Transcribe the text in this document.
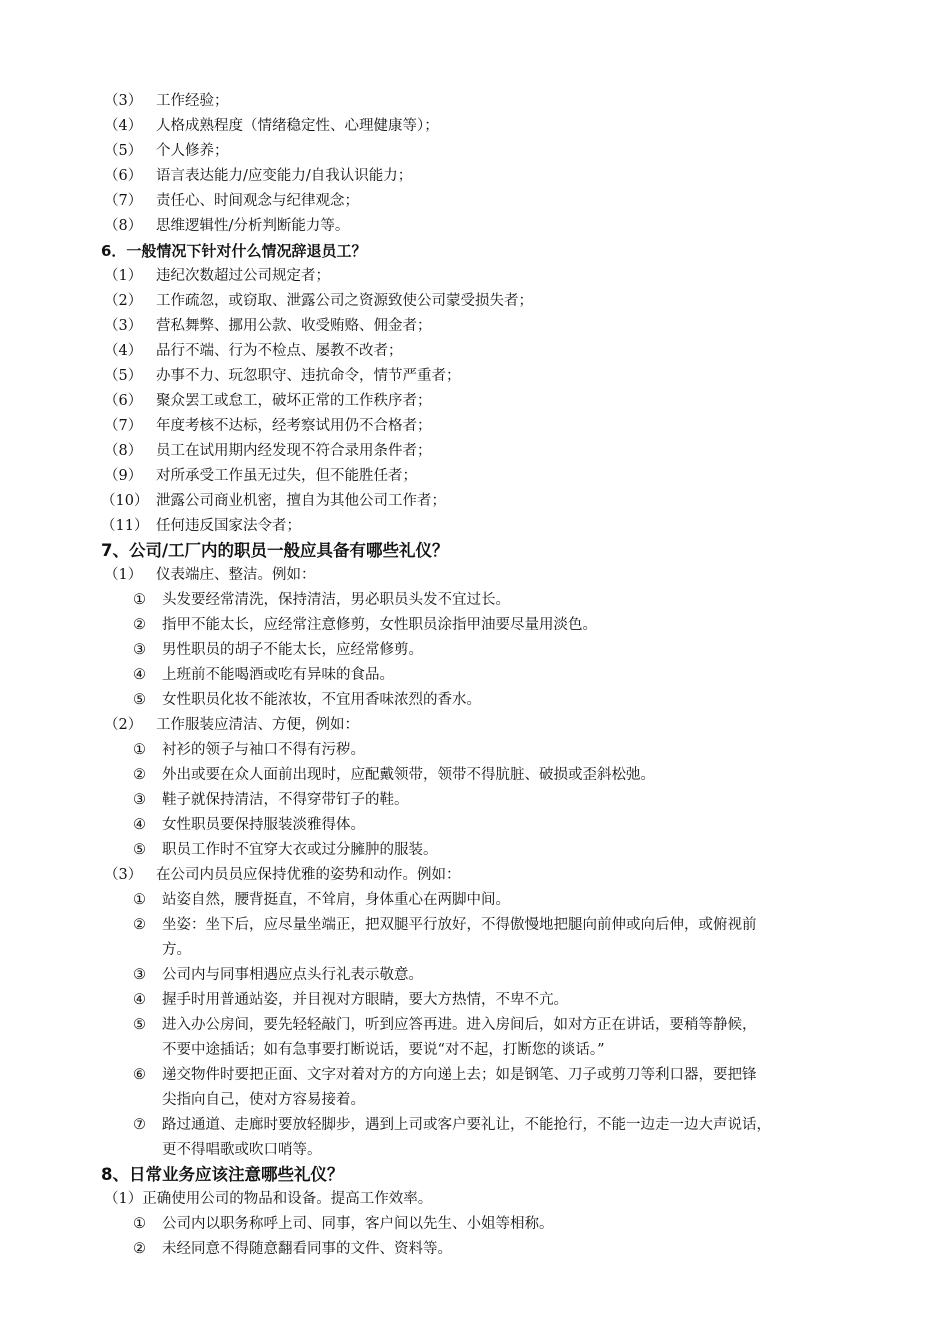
（3） 工作经验；
（4） 人格成熟程度（情绪稳定性、心理健康等）；
（5） 个人修养；
（6） 语言表达能力/应变能力/自我认识能力；
（7） 责任心、时间观念与纪律观念；
（8） 思维逻辑性/分析判断能力等。
6．一般情况下针对什么情况辞退员工？
（1） 违纪次数超过公司规定者；
（2） 工作疏忽，或窃取、泄露公司之资源致使公司蒙受损失者；
（3） 营私舞弊、挪用公款、收受贿赂、佣金者；
（4） 品行不端、行为不检点、屡教不改者；
（5） 办事不力、玩忽职守、违抗命令，情节严重者；
（6） 聚众罢工或怠工，破坏正常的工作秩序者；
（7） 年度考核不达标，经考察试用仍不合格者；
（8） 员工在试用期内经发现不符合录用条件者；
（9） 对所承受工作虽无过失，但不能胜任者；
（10） 泄露公司商业机密，擅自为其他公司工作者；
（11） 任何违反国家法令者；
7、公司/工厂内的职员一般应具备有哪些礼仪？
（1） 仪表端庄、整洁。例如：
① 头发要经常清洗，保持清洁，男必职员头发不宜过长。
② 指甲不能太长，应经常注意修剪，女性职员涂指甲油要尽量用淡色。
③ 男性职员的胡子不能太长，应经常修剪。
④ 上班前不能喝酒或吃有异味的食品。
⑤ 女性职员化妆不能浓妆，不宜用香味浓烈的香水。
（2） 工作服装应清洁、方便，例如：
① 衬衫的领子与袖口不得有污秽。
② 外出或要在众人面前出现时，应配戴领带，领带不得肮脏、破损或歪斜松弛。
③ 鞋子就保持清洁，不得穿带钉子的鞋。
④ 女性职员要保持服装淡雅得体。
⑤ 职员工作时不宜穿大衣或过分臃肿的服装。
（3） 在公司内员员应保持优雅的姿势和动作。例如：
① 站姿自然，腰背挺直，不耸肩，身体重心在两脚中间。
② 坐姿：坐下后，应尽量坐端正，把双腿平行放好，不得傲慢地把腿向前伸或向后伸，或俯视前
方。
③ 公司内与同事相遇应点头行礼表示敬意。
④ 握手时用普通站姿，并目视对方眼睛，要大方热情，不卑不亢。
⑤ 进入办公房间，要先轻轻敲门，听到应答再进。进入房间后，如对方正在讲话，要稍等静候，
不要中途插话；如有急事要打断说话，要说“对不起，打断您的谈话。”
⑥ 递交物件时要把正面、文字对着对方的方向递上去；如是钢笔、刀子或剪刀等利口器，要把锋
尖指向自己，使对方容易接着。
⑦ 路过通道、走廊时要放轻脚步，遇到上司或客户要礼让，不能抢行，不能一边走一边大声说话，
更不得唱歌或吹口哨等。
8、日常业务应该注意哪些礼仪？
（1）正确使用公司的物品和设备。提高工作效率。
① 公司内以职务称呼上司、同事，客户间以先生、小姐等相称。
② 未经同意不得随意翻看同事的文件、资料等。
